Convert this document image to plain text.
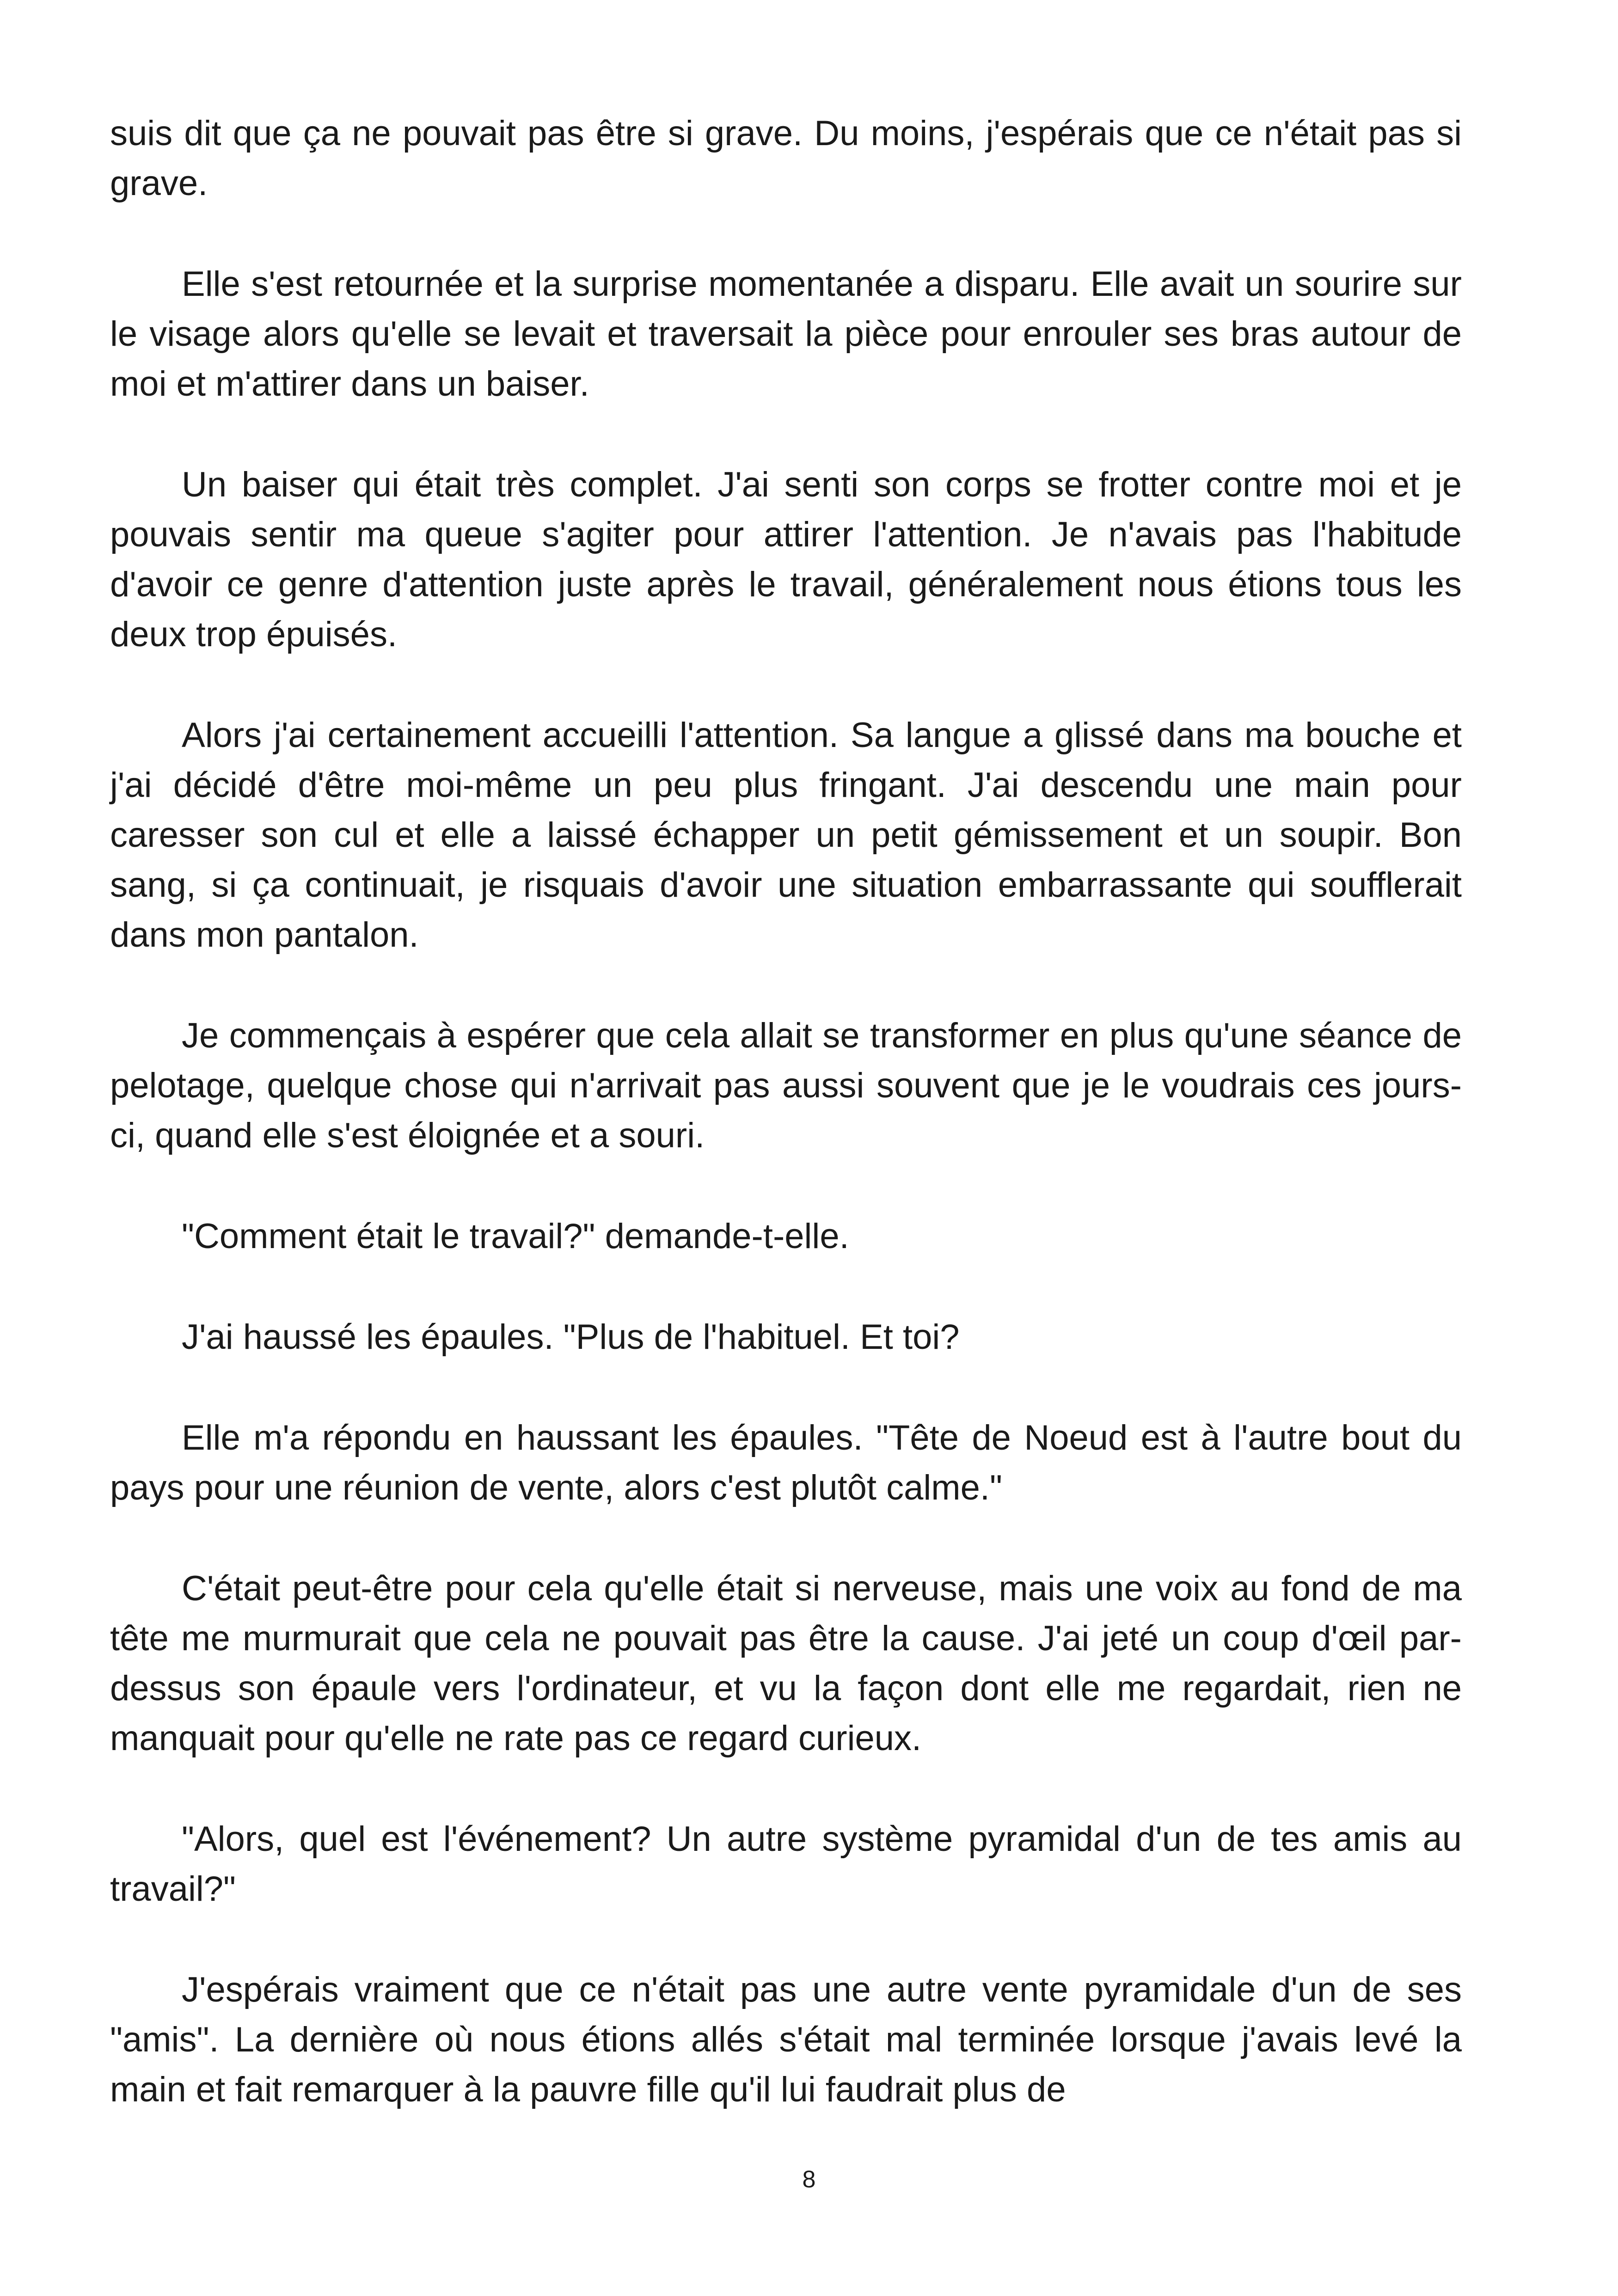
suis dit que ça ne pouvait pas être si grave. Du moins, j'espérais que ce n'était pas si grave.

Elle s'est retournée et la surprise momentanée a disparu. Elle avait un sourire sur le visage alors qu'elle se levait et traversait la pièce pour enrouler ses bras autour de moi et m'attirer dans un baiser.

Un baiser qui était très complet. J'ai senti son corps se frotter contre moi et je pouvais sentir ma queue s'agiter pour attirer l'attention. Je n'avais pas l'habitude d'avoir ce genre d'attention juste après le travail, généralement nous étions tous les deux trop épuisés.

Alors j'ai certainement accueilli l'attention. Sa langue a glissé dans ma bouche et j'ai décidé d'être moi-même un peu plus fringant. J'ai descendu une main pour caresser son cul et elle a laissé échapper un petit gémissement et un soupir. Bon sang, si ça continuait, je risquais d'avoir une situation embarrassante qui soufflerait dans mon pantalon.

Je commençais à espérer que cela allait se transformer en plus qu'une séance de pelotage, quelque chose qui n'arrivait pas aussi souvent que je le voudrais ces jours-ci, quand elle s'est éloignée et a souri.

"Comment était le travail?" demande-t-elle.

J'ai haussé les épaules. "Plus de l'habituel. Et toi?

Elle m'a répondu en haussant les épaules. "Tête de Noeud est à l'autre bout du pays pour une réunion de vente, alors c'est plutôt calme."

C'était peut-être pour cela qu'elle était si nerveuse, mais une voix au fond de ma tête me murmurait que cela ne pouvait pas être la cause. J'ai jeté un coup d'œil par-dessus son épaule vers l'ordinateur, et vu la façon dont elle me regardait, rien ne manquait pour qu'elle ne rate pas ce regard curieux.

"Alors, quel est l'événement? Un autre système pyramidal d'un de tes amis au travail?"

J'espérais vraiment que ce n'était pas une autre vente pyramidale d'un de ses "amis". La dernière où nous étions allés s'était mal terminée lorsque j'avais levé la main et fait remarquer à la pauvre fille qu'il lui faudrait plus de

8
